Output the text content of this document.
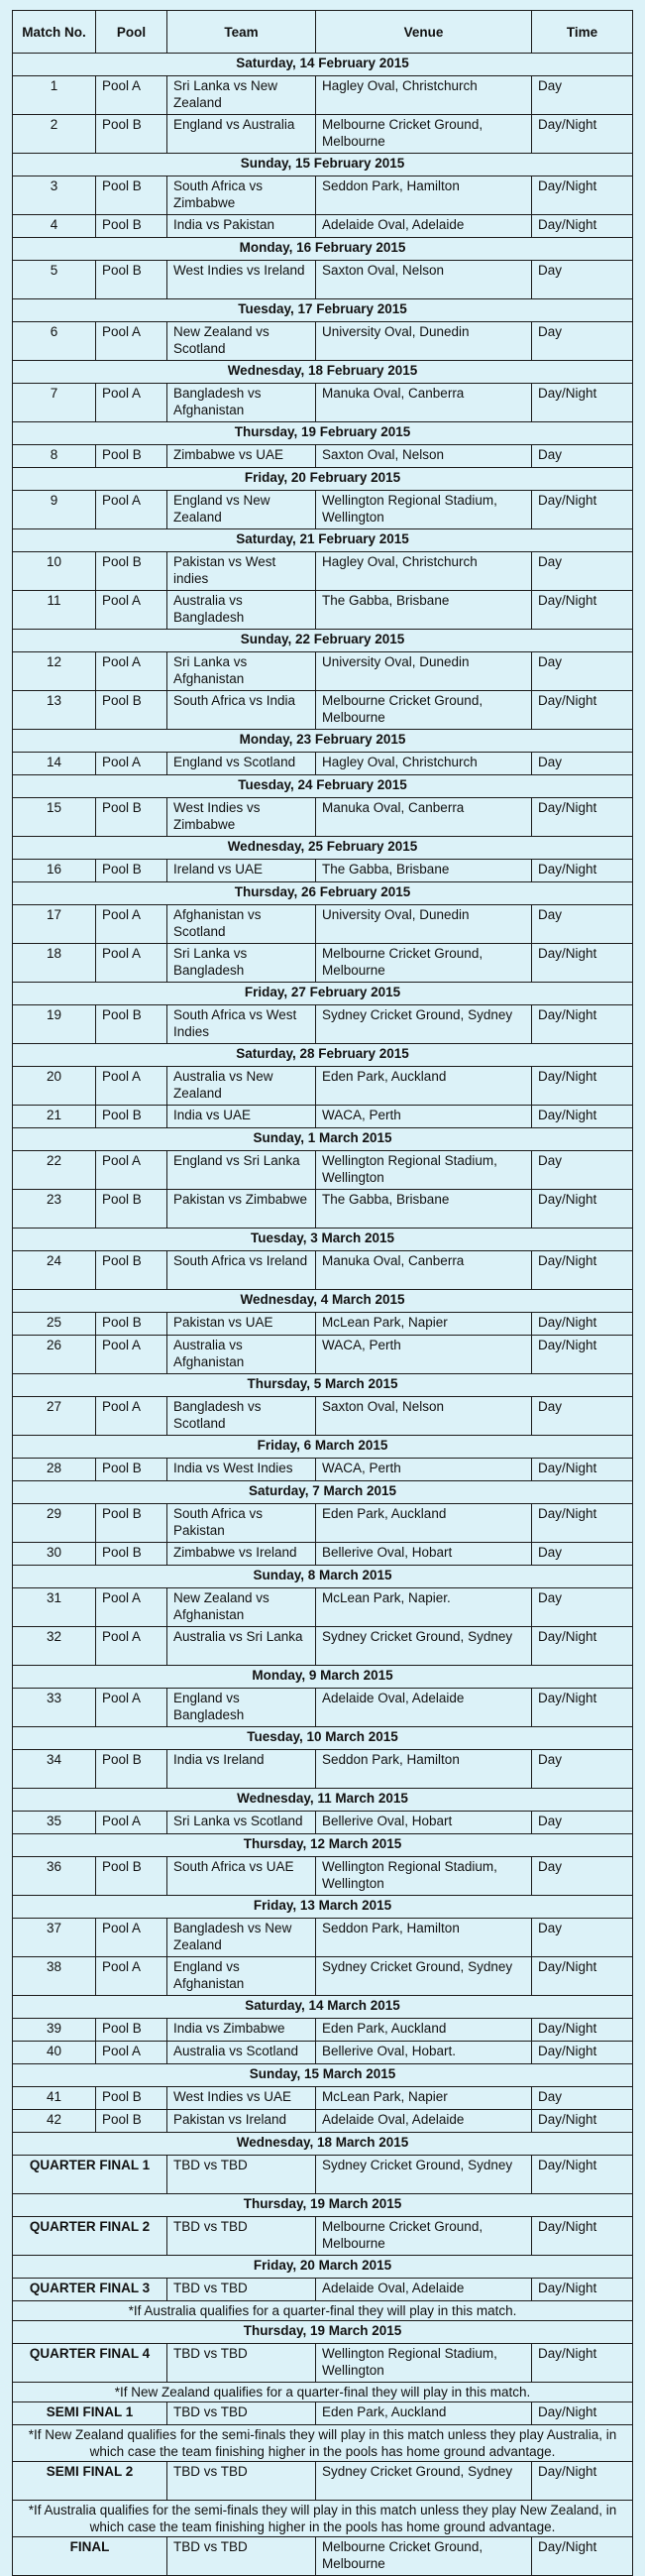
Match No.	Pool	Team	Venue	Time
Saturday, 14 February 2015				
1	Pool A	Sri Lanka vs New Zealand	Hagley Oval, Christchurch	Day
2	Pool B	England vs Australia	Melbourne Cricket Ground, Melbourne	Day/Night
Sunday, 15 February 2015				
3	Pool B	South Africa vs Zimbabwe	Seddon Park, Hamilton	Day/Night
4	Pool B	India vs Pakistan	Adelaide Oval, Adelaide	Day/Night
Monday, 16 February 2015				
5	Pool B	West Indies vs Ireland	Saxton Oval, Nelson	Day
Tuesday, 17 February 2015				
6	Pool A	New Zealand vs Scotland	University Oval, Dunedin	Day
Wednesday, 18 February 2015				
7	Pool A	Bangladesh vs Afghanistan	Manuka Oval, Canberra	Day/Night
Thursday, 19 February 2015				
8	Pool B	Zimbabwe vs UAE	Saxton Oval, Nelson	Day
Friday, 20 February 2015				
9	Pool A	England vs New Zealand	Wellington Regional Stadium, Wellington	Day/Night
Saturday, 21 February 2015				
10	Pool B	Pakistan vs West indies	Hagley Oval, Christchurch	Day
11	Pool A	Australia vs Bangladesh	The Gabba, Brisbane	Day/Night
Sunday, 22 February 2015				
12	Pool A	Sri Lanka vs Afghanistan	University Oval, Dunedin	Day
13	Pool B	South Africa vs India	Melbourne Cricket Ground, Melbourne	Day/Night
Monday, 23 February 2015				
14	Pool A	England vs Scotland	Hagley Oval, Christchurch	Day
Tuesday, 24 February 2015				
15	Pool B	West Indies vs Zimbabwe	Manuka Oval, Canberra	Day/Night
Wednesday, 25 February 2015				
16	Pool B	Ireland vs UAE	The Gabba, Brisbane	Day/Night
Thursday, 26 February 2015				
17	Pool A	Afghanistan vs Scotland	University Oval, Dunedin	Day
18	Pool A	Sri Lanka vs Bangladesh	Melbourne Cricket Ground, Melbourne	Day/Night
Friday, 27 February 2015				
19	Pool B	South Africa vs West Indies	Sydney Cricket Ground, Sydney	Day/Night
Saturday, 28 February 2015				
20	Pool A	Australia vs New Zealand	Eden Park, Auckland	Day/Night
21	Pool B	India vs UAE	WACA, Perth	Day/Night
Sunday, 1 March 2015				
22	Pool A	England vs Sri Lanka	Wellington Regional Stadium, Wellington	Day
23	Pool B	Pakistan vs Zimbabwe	The Gabba, Brisbane	Day/Night
Tuesday, 3 March 2015				
24	Pool B	South Africa vs Ireland	Manuka Oval, Canberra	Day/Night
Wednesday, 4 March 2015				
25	Pool B	Pakistan vs UAE	McLean Park, Napier	Day/Night
26	Pool A	Australia vs Afghanistan	WACA, Perth	Day/Night
Thursday, 5 March 2015				
27	Pool A	Bangladesh vs Scotland	Saxton Oval, Nelson	Day
Friday, 6 March 2015				
28	Pool B	India vs West Indies	WACA, Perth	Day/Night
Saturday, 7 March 2015				
29	Pool B	South Africa vs Pakistan	Eden Park, Auckland	Day/Night
30	Pool B	Zimbabwe vs Ireland	Bellerive Oval, Hobart	Day
Sunday, 8 March 2015				
31	Pool A	New Zealand vs Afghanistan	McLean Park, Napier.	Day
32	Pool A	Australia vs Sri Lanka	Sydney Cricket Ground, Sydney	Day/Night
Monday, 9 March 2015				
33	Pool A	England vs Bangladesh	Adelaide Oval, Adelaide	Day/Night
Tuesday, 10 March 2015				
34	Pool B	India vs Ireland	Seddon Park, Hamilton	Day
Wednesday, 11 March 2015				
35	Pool A	Sri Lanka vs Scotland	Bellerive Oval, Hobart	Day
Thursday, 12 March 2015				
36	Pool B	South Africa vs UAE	Wellington Regional Stadium, Wellington	Day
Friday, 13 March 2015				
37	Pool A	Bangladesh vs New Zealand	Seddon Park, Hamilton	Day
38	Pool A	England vs Afghanistan	Sydney Cricket Ground, Sydney	Day/Night
Saturday, 14 March 2015				
39	Pool B	India vs Zimbabwe	Eden Park, Auckland	Day/Night
40	Pool A	Australia vs Scotland	Bellerive Oval, Hobart.	Day/Night
Sunday, 15 March 2015				
41	Pool B	West Indies vs UAE	McLean Park, Napier	Day
42	Pool B	Pakistan vs Ireland	Adelaide Oval, Adelaide	Day/Night
Wednesday, 18 March 2015				
QUARTER FINAL 1		TBD vs TBD	Sydney Cricket Ground, Sydney	Day/Night
Thursday, 19 March 2015				
QUARTER FINAL 2		TBD vs TBD	Melbourne Cricket Ground, Melbourne	Day/Night
Friday, 20 March 2015				
QUARTER FINAL 3		TBD vs TBD	Adelaide Oval, Adelaide	Day/Night
*If Australia qualifies for a quarter-final they will play in this match.				
Thursday, 19 March 2015				
QUARTER FINAL 4		TBD vs TBD	Wellington Regional Stadium, Wellington	Day/Night
*If New Zealand qualifies for a quarter-final they will play in this match.				
SEMI FINAL 1		TBD vs TBD	Eden Park, Auckland	Day/Night
*If New Zealand qualifies for the semi-finals they will play in this match unless they play Australia, in which case the team finishing higher in the pools has home ground advantage.				
SEMI FINAL 2		TBD vs TBD	Sydney Cricket Ground, Sydney	Day/Night
*If Australia qualifies for the semi-finals they will play in this match unless they play New Zealand, in which case the team finishing higher in the pools has home ground advantage.				
FINAL		TBD vs TBD	Melbourne Cricket Ground, Melbourne	Day/Night
